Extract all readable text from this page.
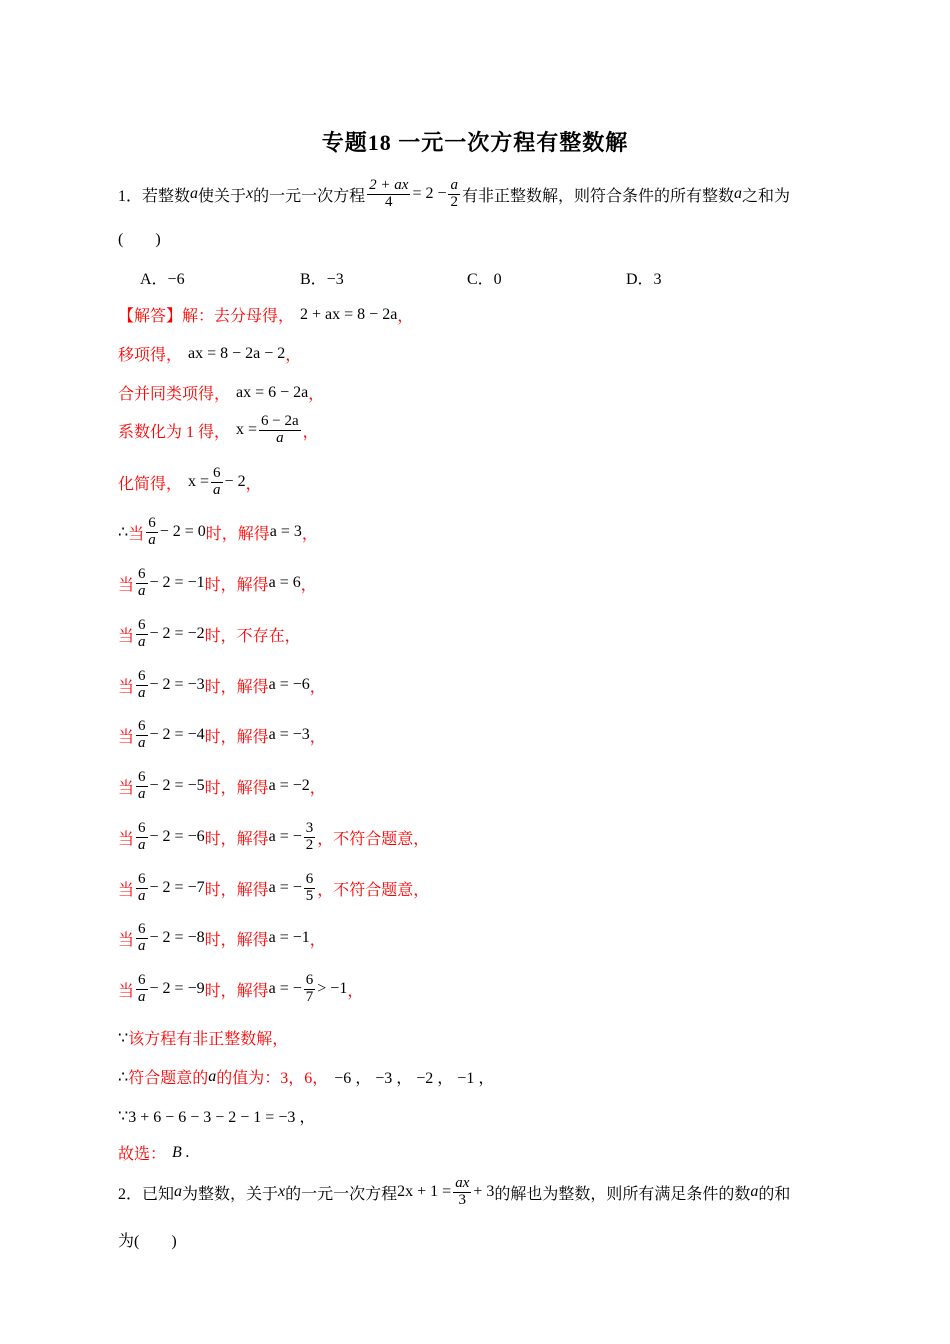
专题18 一元一次方程有整数解
1．若整数 a 使关于 x 的一元一次方程 $\frac{2 + ax}{4} = 2 - \frac{a}{2}$ 有非正整数解，则符合条件的所有整数 a 之和为
(　　)
A．−6	B．−3	C．0	D．3
【解答】解：去分母得， 2 + ax = 8 − 2a ，
移项得， ax = 8 − 2a − 2 ，
合并同类项得， ax = 6 − 2a ，
系数化为 1 得， $x = \frac{6 - 2a}{a}$ ，
化简得， $x = \frac{6}{a} - 2$ ，
∴ 当 $\frac{6}{a} - 2 = 0$ 时， 解得 a = 3 ，
当 $\frac{6}{a} - 2 = -1$ 时， 解得 a = 6 ，
当 $\frac{6}{a} - 2 = -2$ 时， 不存在，
当 $\frac{6}{a} - 2 = -3$ 时， 解得 a = −6 ，
当 $\frac{6}{a} - 2 = -4$ 时， 解得 a = −3 ，
当 $\frac{6}{a} - 2 = -5$ 时， 解得 a = −2 ，
当 $\frac{6}{a} - 2 = -6$ 时， 解得 a = − $\frac{3}{2}$ ，不符合题意，
当 $\frac{6}{a} - 2 = -7$ 时， 解得 a = − $\frac{6}{5}$ ，不符合题意，
当 $\frac{6}{a} - 2 = -8$ 时， 解得 a = −1 ，
当 $\frac{6}{a} - 2 = -9$ 时， 解得 a = − $\frac{6}{7} > -1$ ，
∵ 该方程有非正整数解，
∴ 符合题意的 a 的值为：3，6， −6 ， −3 ， −2 ， −1 ，
∵ 3 + 6 − 6 − 3 − 2 − 1 = −3 ，
故选： B .
2．已知 a 为整数，关于 x 的一元一次方程 $2x + 1 = \frac{ax}{3} + 3$ 的解也为整数，则所有满足条件的数 a 的和
为(　　)
